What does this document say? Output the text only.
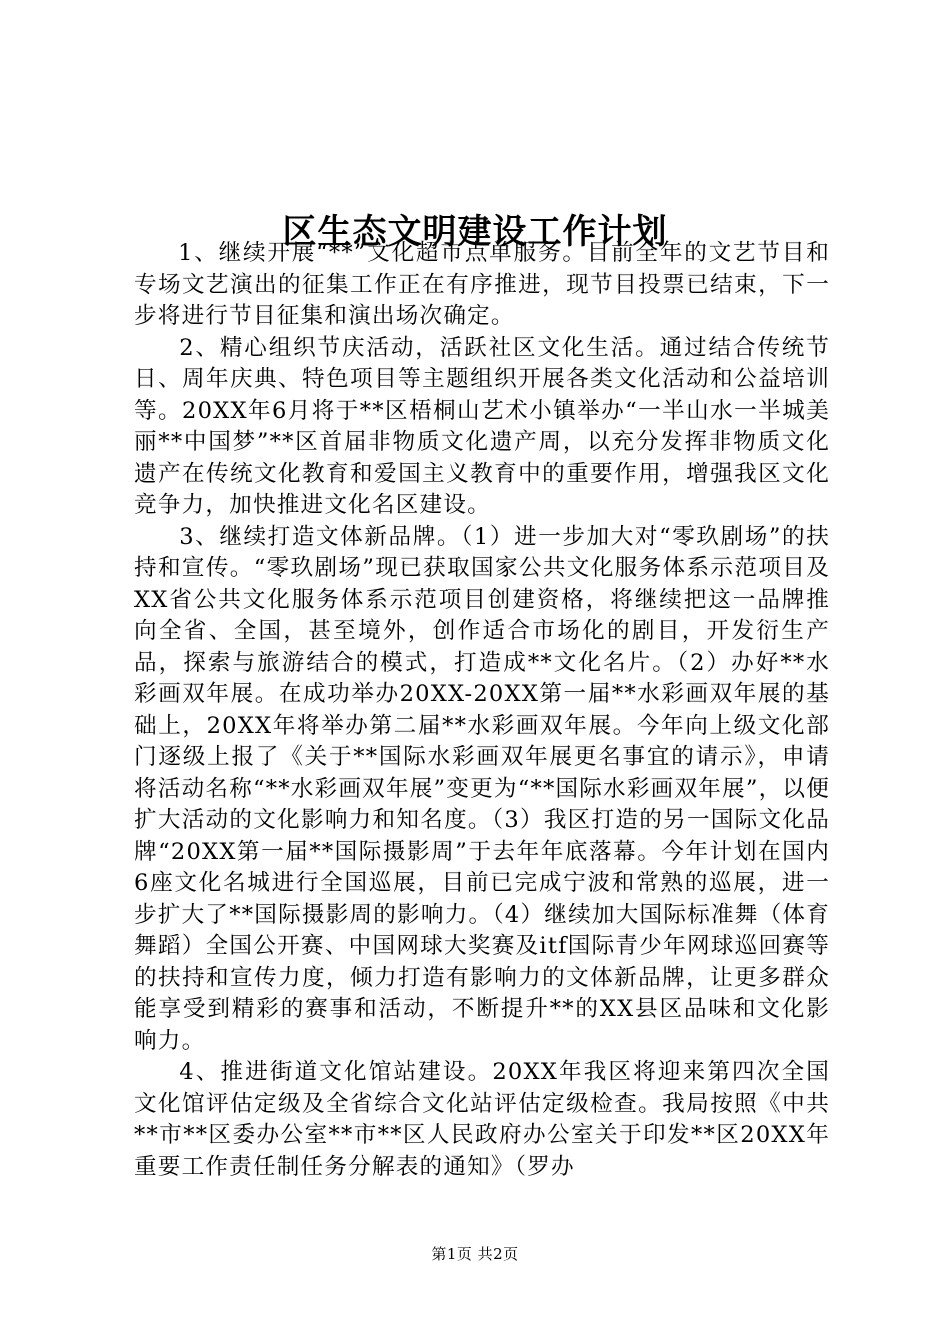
区生态文明建设工作计划

1、继续开展“**”文化超市点单服务。目前全年的文艺节目和专场文艺演出的征集工作正在有序推进，现节目投票已结束，下一步将进行节目征集和演出场次确定。

2、精心组织节庆活动，活跃社区文化生活。通过结合传统节日、周年庆典、特色项目等主题组织开展各类文化活动和公益培训等。20XX年6月将于**区梧桐山艺术小镇举办“一半山水一半城美丽**中国梦”**区首届非物质文化遗产周，以充分发挥非物质文化遗产在传统文化教育和爱国主义教育中的重要作用，增强我区文化竞争力，加快推进文化名区建设。

3、继续打造文体新品牌。（1）进一步加大对“零玖剧场”的扶持和宣传。“零玖剧场”现已获取国家公共文化服务体系示范项目及XX省公共文化服务体系示范项目创建资格，将继续把这一品牌推向全省、全国，甚至境外，创作适合市场化的剧目，开发衍生产品，探索与旅游结合的模式，打造成**文化名片。（2）办好**水彩画双年展。在成功举办20XX-20XX第一届**水彩画双年展的基础上，20XX年将举办第二届**水彩画双年展。今年向上级文化部门逐级上报了《关于**国际水彩画双年展更名事宜的请示》，申请将活动名称“**水彩画双年展”变更为“**国际水彩画双年展”，以便扩大活动的文化影响力和知名度。（3）我区打造的另一国际文化品牌“20XX第一届**国际摄影周”于去年年底落幕。今年计划在国内6座文化名城进行全国巡展，目前已完成宁波和常熟的巡展，进一步扩大了**国际摄影周的影响力。（4）继续加大国际标准舞（体育舞蹈）全国公开赛、中国网球大奖赛及itf国际青少年网球巡回赛等的扶持和宣传力度，倾力打造有影响力的文体新品牌，让更多群众能享受到精彩的赛事和活动，不断提升**的XX县区品味和文化影响力。

4、推进街道文化馆站建设。20XX年我区将迎来第四次全国文化馆评估定级及全省综合文化站评估定级检查。我局按照《中共**市**区委办公室**市**区人民政府办公室关于印发**区20XX年重要工作责任制任务分解表的通知》（罗办

第1页 共2页
